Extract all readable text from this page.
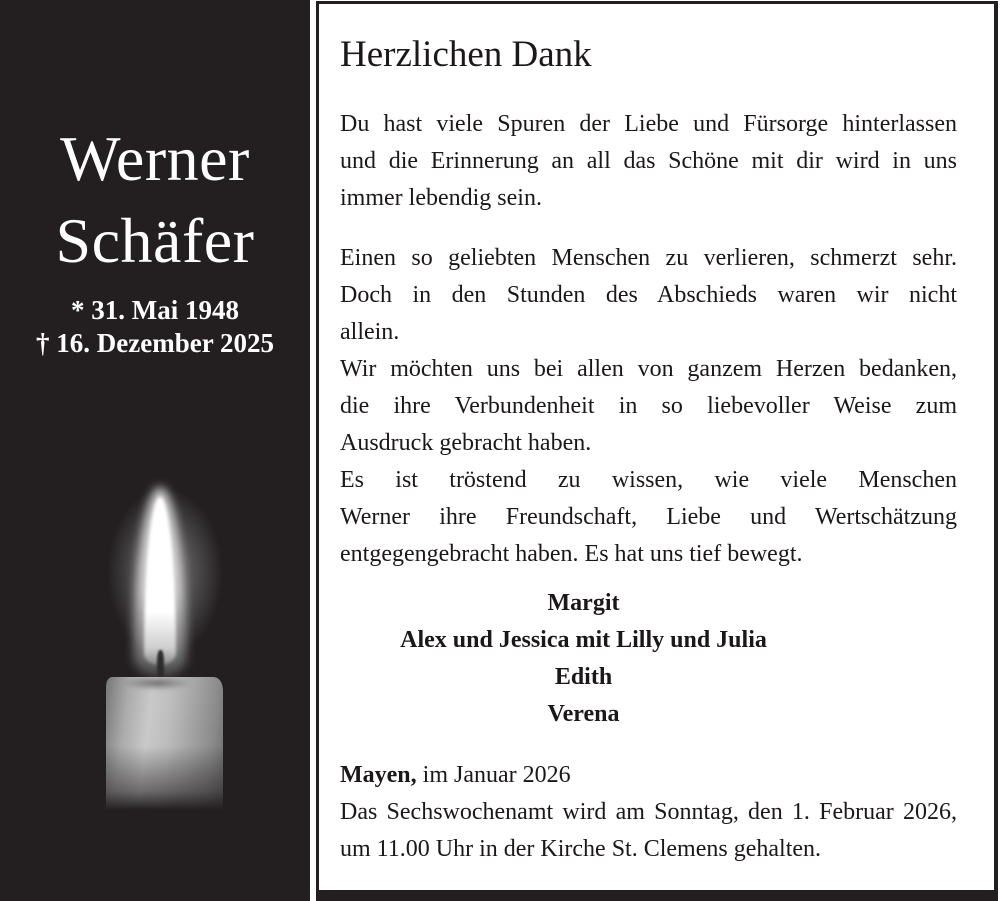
Werner
Schäfer
* 31. Mai 1948
† 16. Dezember 2025
Herzlichen Dank
Du hast viele Spuren der Liebe und Fürsorge hinterlassen
und die Erinnerung an all das Schöne mit dir wird in uns
immer lebendig sein.
Einen so geliebten Menschen zu verlieren, schmerzt sehr.
Doch in den Stunden des Abschieds waren wir nicht
allein.
Wir möchten uns bei allen von ganzem Herzen bedanken,
die ihre Verbundenheit in so liebevoller Weise zum
Ausdruck gebracht haben.
Es ist tröstend zu wissen, wie viele Menschen
Werner ihre Freundschaft, Liebe und Wertschätzung
entgegengebracht haben. Es hat uns tief bewegt.
Margit
Alex und Jessica mit Lilly und Julia
Edith
Verena
Mayen, im Januar 2026
Das Sechswochenamt wird am Sonntag, den 1. Februar 2026,
um 11.00 Uhr in der Kirche St. Clemens gehalten.
